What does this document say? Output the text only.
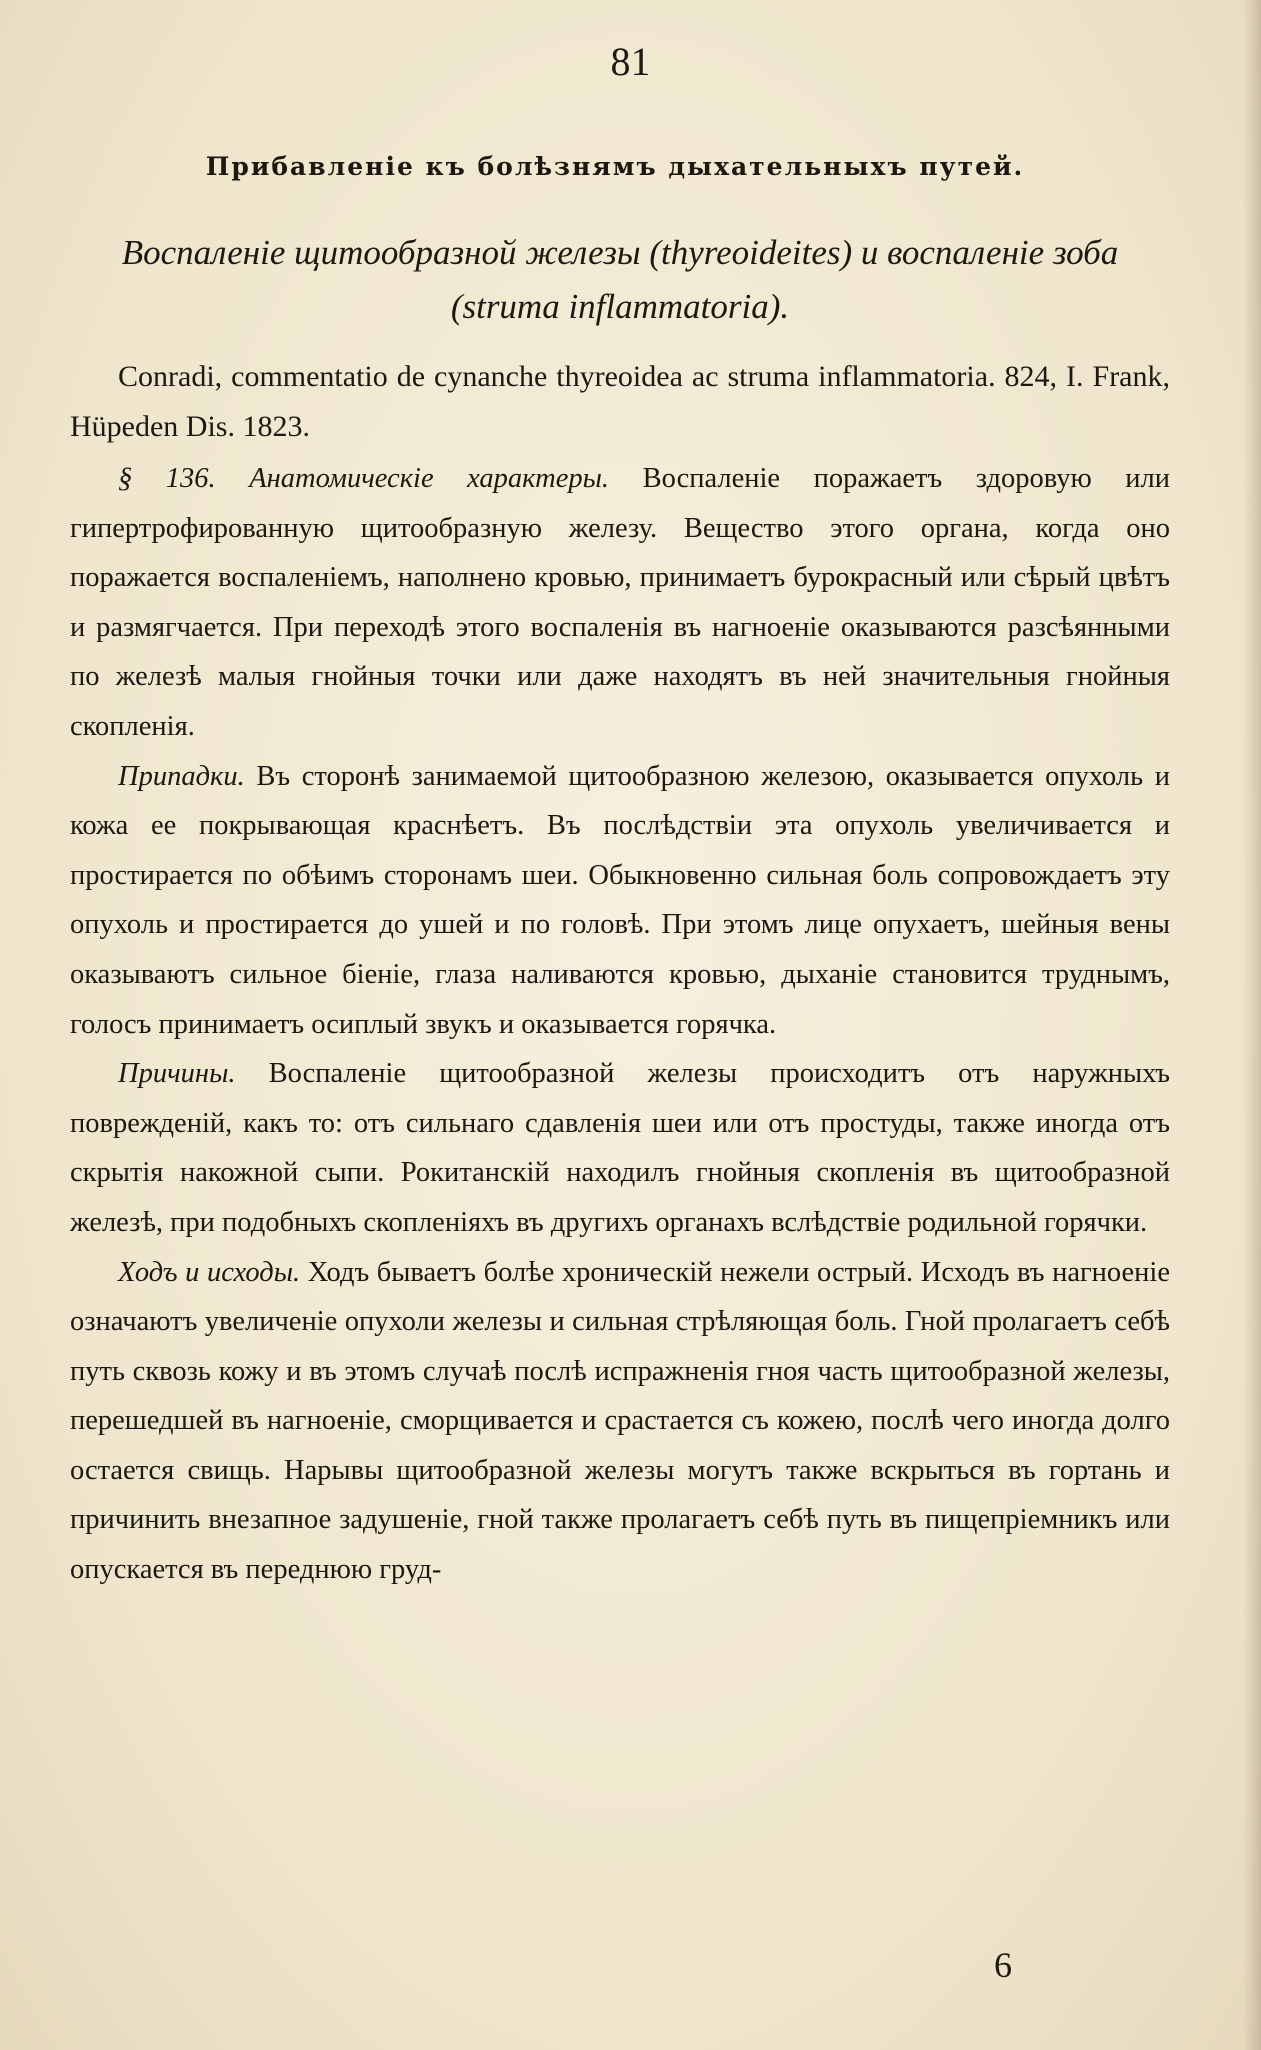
81
Прибавленіе къ болѣзнямъ дыхательныхъ путей.
Воспаленіе щитообразной железы (thyreoideites) и воспаленіе зоба (struma inflammatoria).

Conradi, commentatio de cynanche thyreoidea ac struma inflammatoria. 824, I. Frank, Hüpeden Dis. 1823.

§ 136. Анатомическіе характеры. Воспаленіе поражаетъ здоровую или гипертрофированную щитообразную железу. Вещество этого органа, когда оно поражается воспаленіемъ, наполнено кровью, принимаетъ бурокрасный или сѣрый цвѣтъ и размягчается. При переходѣ этого воспаленія въ нагноеніе оказываются разсѣянными по железѣ малыя гнойныя точки или даже находятъ въ ней значительныя гнойныя скопленія.

Припадки. Въ сторонѣ занимаемой щитообразною железою, оказывается опухоль и кожа ее покрывающая краснѣетъ. Въ послѣдствіи эта опухоль увеличивается и простирается по обѣимъ сторонамъ шеи. Обыкновенно сильная боль сопровождаетъ эту опухоль и простирается до ушей и по головѣ. При этомъ лице опухаетъ, шейныя вены оказываютъ сильное біеніе, глаза наливаются кровью, дыханіе становится труднымъ, голосъ принимаетъ осиплый звукъ и оказывается горячка.

Причины. Воспаленіе щитообразной железы происходитъ отъ наружныхъ поврежденій, какъ то: отъ сильнаго сдавленія шеи или отъ простуды, также иногда отъ скрытія накожной сыпи. Рокитанскій находилъ гнойныя скопленія въ щитообразной железѣ, при подобныхъ скопленіяхъ въ другихъ органахъ вслѣдствіе родильной горячки.

Ходъ и исходы. Ходъ бываетъ болѣе хроническій нежели острый. Исходъ въ нагноеніе означаютъ увеличеніе опухоли железы и сильная стрѣляющая боль. Гной пролагаетъ себѣ путь сквозь кожу и въ этомъ случаѣ послѣ испражненія гноя часть щитообразной железы, перешедшей въ нагноеніе, сморщивается и срастается съ кожею, послѣ чего иногда долго остается свищь. Нарывы щитообразной железы могутъ также вскрыться въ гортань и причинить внезапное задушеніе, гной также пролагаетъ себѣ путь въ пищепріемникъ или опускается въ переднюю груд-

6
